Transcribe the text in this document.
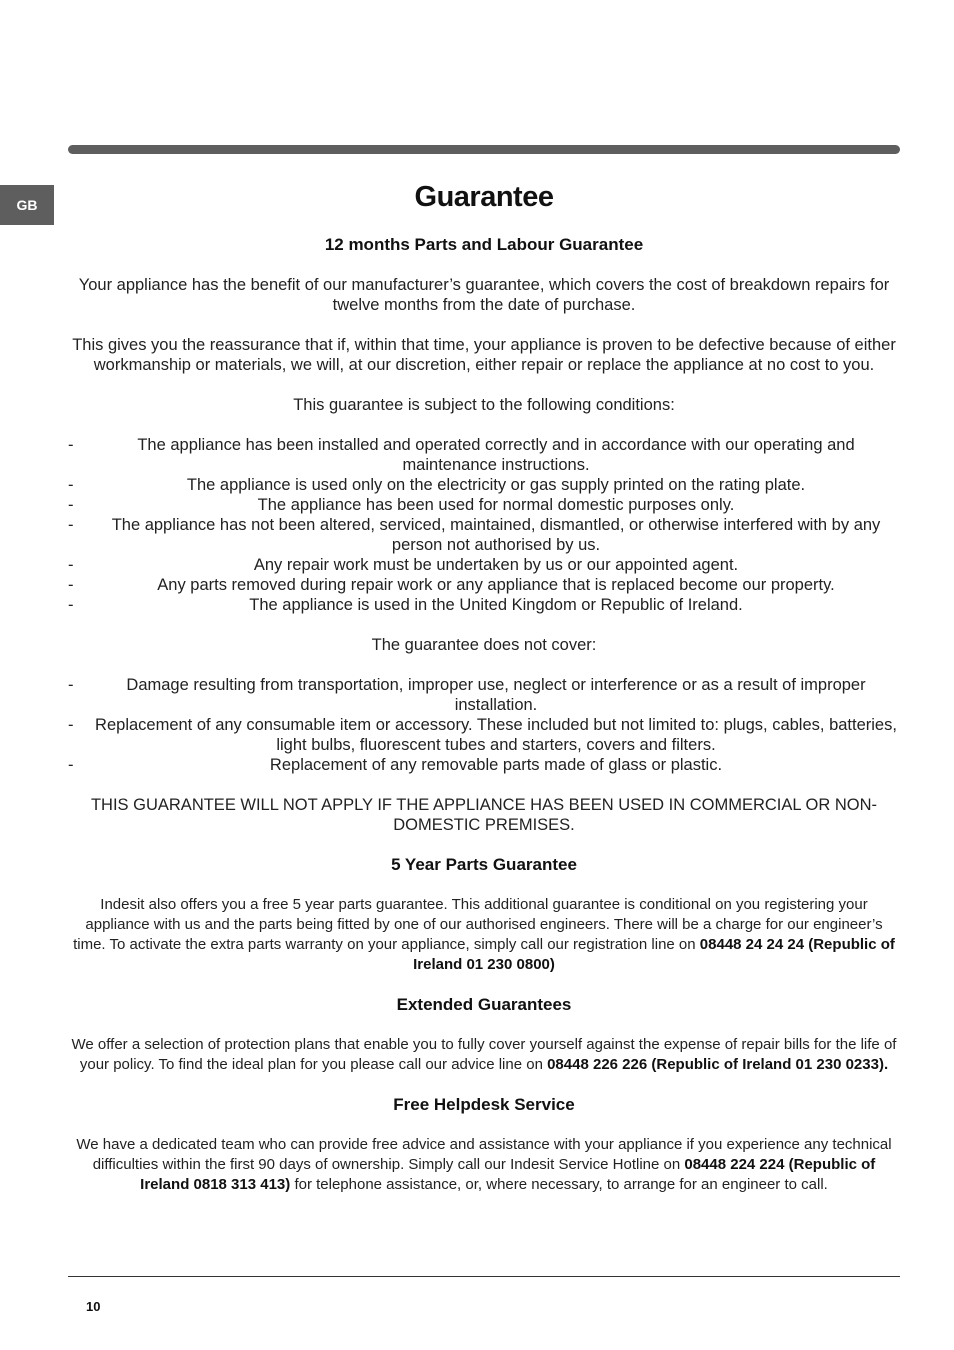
GB	Guarantee
12 months Parts and Labour Guarantee

Your appliance has the benefit of our manufacturer’s guarantee, which covers the cost of breakdown repairs for twelve months from the date of purchase.

This gives you the reassurance that if, within that time, your appliance is proven to be defective because of either workmanship or materials, we will, at our discretion, either repair or replace the appliance at no cost to you.

This guarantee is subject to the following conditions:

-	The appliance has been installed and operated correctly and in accordance with our operating and maintenance instructions.
-	The appliance is used only on the electricity or gas supply printed on the rating plate.
-	The appliance has been used for normal domestic purposes only.
- The appliance has not been altered, serviced, maintained, dismantled, or otherwise interfered with by any person not authorised by us.
-	Any repair work must be undertaken by us or our appointed agent.
-	Any parts removed during repair work or any appliance that is replaced become our property.
-	The appliance is used in the United Kingdom or Republic of Ireland.

The guarantee does not cover:

-	Damage resulting from transportation, improper use, neglect or interference or as a result of improper installation.
- Replacement of any consumable item or accessory. These included but not limited to: plugs, cables, batteries, light bulbs, fluorescent tubes and starters, covers and filters.
-	Replacement of any removable parts made of glass or plastic.

THIS GUARANTEE WILL NOT APPLY IF THE APPLIANCE HAS BEEN USED IN COMMERCIAL OR NON-DOMESTIC PREMISES.

5 Year Parts Guarantee

Indesit also offers you a free 5 year parts guarantee. This additional guarantee is conditional on you registering your appliance with us and the parts being fitted by one of our authorised engineers. There will be a charge for our engineer’s time. To activate the extra parts warranty on your appliance, simply call our registration line on 08448 24 24 24 (Republic of Ireland 01 230 0800)

Extended Guarantees

We offer a selection of protection plans that enable you to fully cover yourself against the expense of repair bills for the life of your policy. To find the ideal plan for you please call our advice line on 08448 226 226 (Republic of Ireland 01 230 0233).

Free Helpdesk Service

We have a dedicated team who can provide free advice and assistance with your appliance if you experience any technical difficulties within the first 90 days of ownership. Simply call our Indesit Service Hotline on 08448 224 224 (Republic of Ireland 0818 313 413) for telephone assistance, or, where necessary, to arrange for an engineer to call.

10
